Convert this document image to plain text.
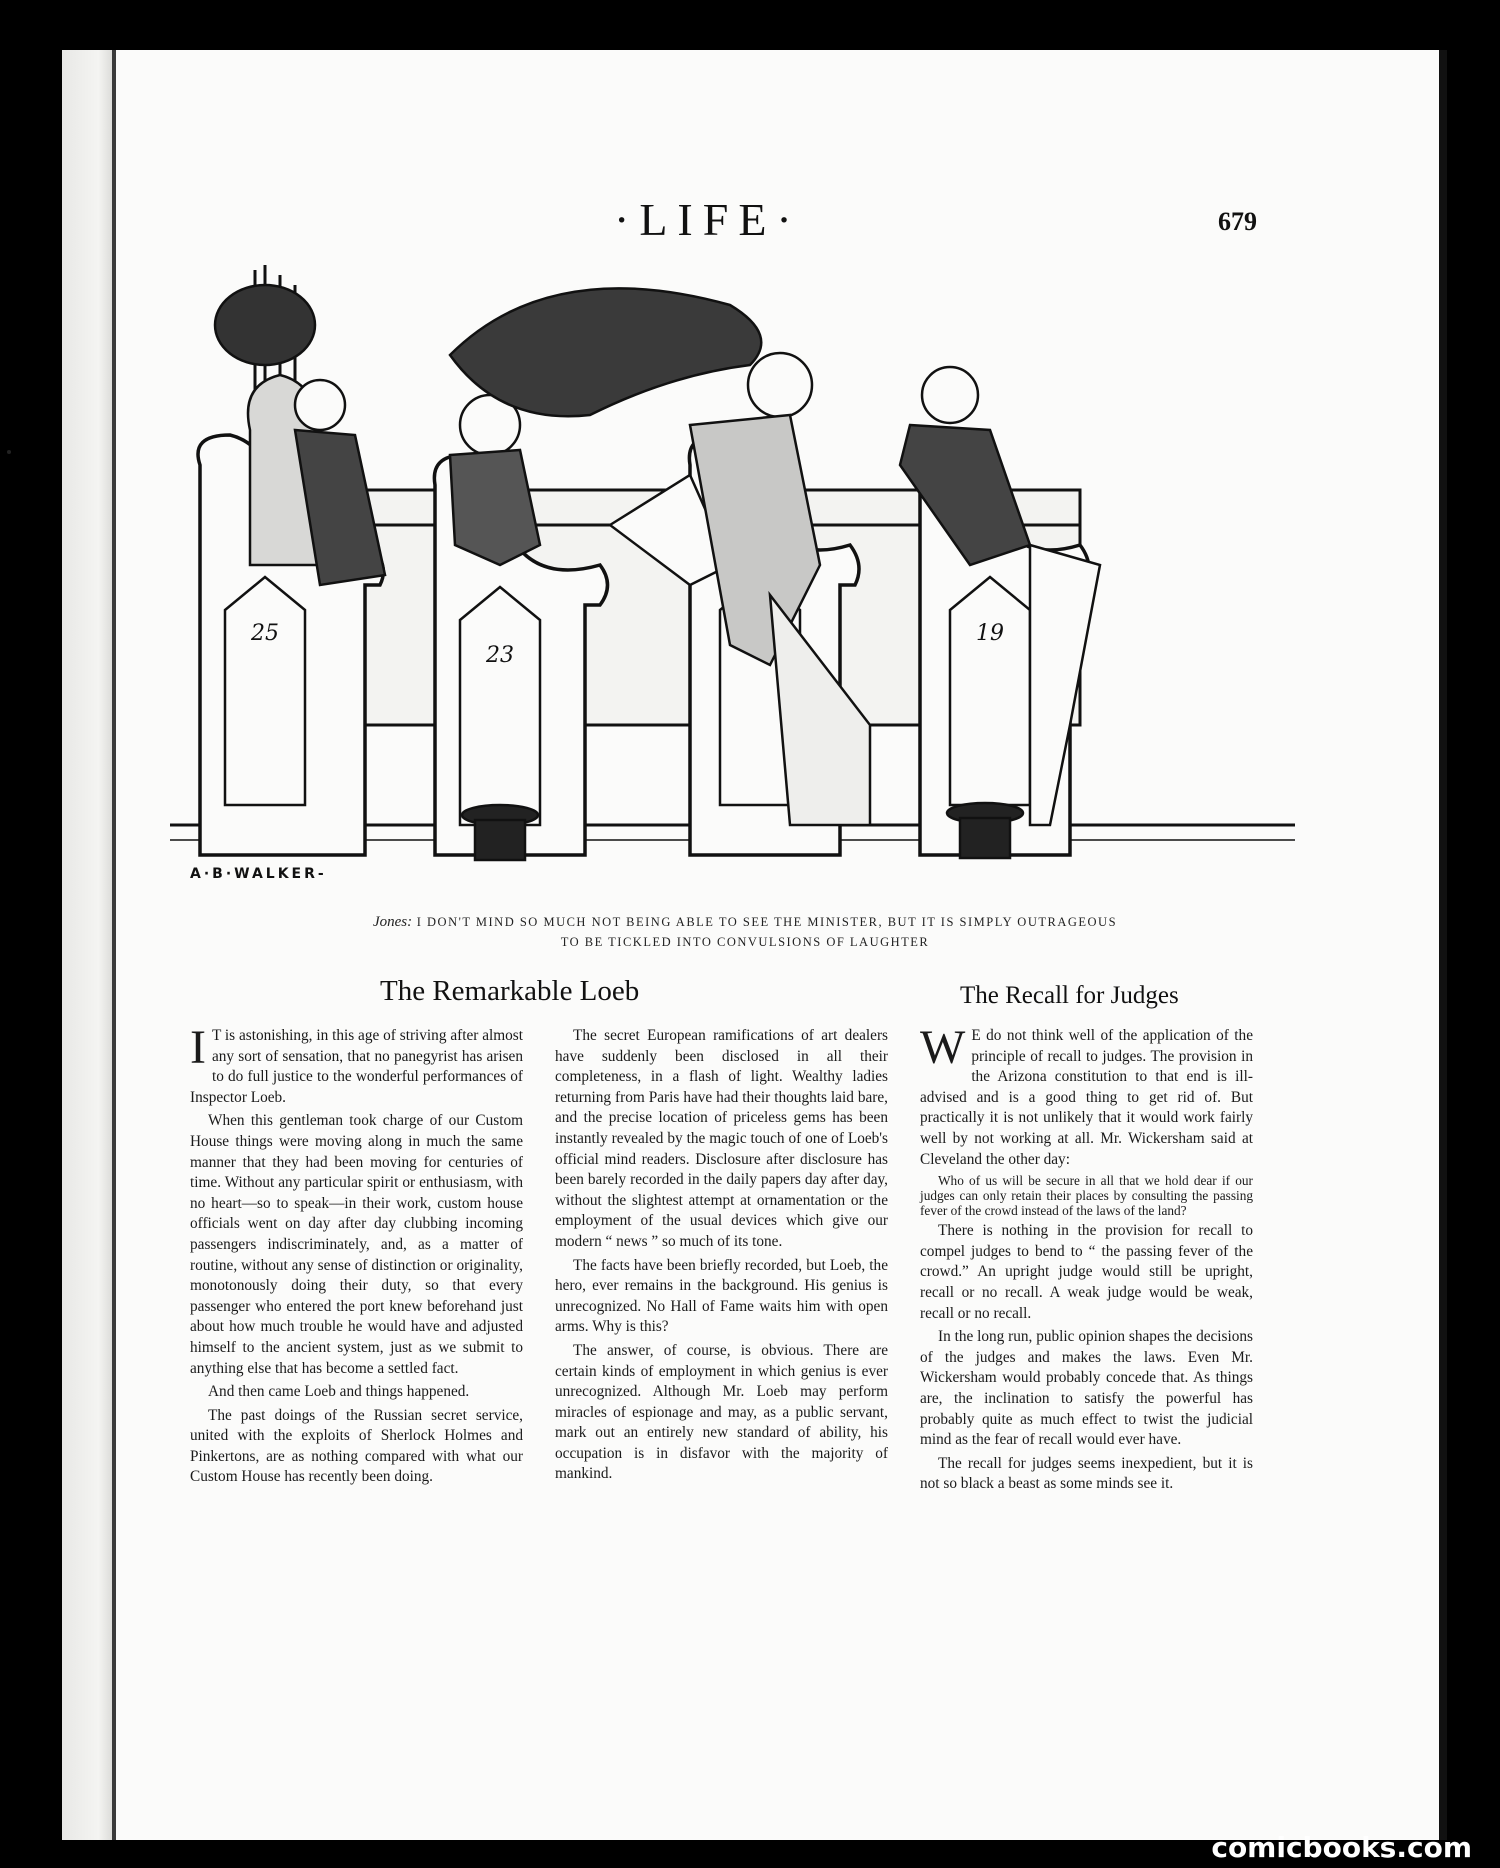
·LIFE·	679
25
23
19
A·B·WALKER-
Jones: I DON'T MIND SO MUCH NOT BEING ABLE TO SEE THE MINISTER, BUT IT IS SIMPLY OUTRAGEOUS
TO BE TICKLED INTO CONVULSIONS OF LAUGHTER
The Remarkable Loeb	The Recall for Judges

I T is astonishing, in this age of striving after almost any sort of sensation, that no panegyrist has arisen to do full justice to the wonderful performances of Inspector Loeb.

When this gentleman took charge of our Custom House things were moving along in much the same manner that they had been moving for centuries of time. Without any particular spirit or enthusiasm, with no heart—so to speak—in their work, custom house officials went on day after day clubbing incoming passengers indiscriminately, and, as a matter of routine, without any sense of distinction or originality, monotonously doing their duty, so that every passenger who entered the port knew beforehand just about how much trouble he would have and adjusted himself to the ancient system, just as we submit to anything else that has become a settled fact.

And then came Loeb and things happened.

The past doings of the Russian secret service, united with the exploits of Sherlock Holmes and Pinkertons, are as nothing compared with what our Custom House has recently been doing.

The secret European ramifications of art dealers have suddenly been disclosed in all their completeness, in a flash of light. Wealthy ladies returning from Paris have had their thoughts laid bare, and the precise location of priceless gems has been instantly revealed by the magic touch of one of Loeb's official mind readers. Disclosure after disclosure has been barely recorded in the daily papers day after day, without the slightest attempt at ornamentation or the employment of the usual devices which give our modern “ news ” so much of its tone.

The facts have been briefly recorded, but Loeb, the hero, ever remains in the background. His genius is unrecognized. No Hall of Fame waits him with open arms. Why is this?

The answer, of course, is obvious. There are certain kinds of employment in which genius is ever unrecognized. Although Mr. Loeb may perform miracles of espionage and may, as a public servant, mark out an entirely new standard of ability, his occupation is in disfavor with the majority of mankind.

W E do not think well of the application of the principle of recall to judges. The provision in the Arizona constitution to that end is ill-advised and is a good thing to get rid of. But practically it is not unlikely that it would work fairly well by not working at all. Mr. Wickersham said at Cleveland the other day:

Who of us will be secure in all that we hold dear if our judges can only retain their places by consulting the passing fever of the crowd instead of the laws of the land?

There is nothing in the provision for recall to compel judges to bend to “ the passing fever of the crowd.” An upright judge would still be upright, recall or no recall. A weak judge would be weak, recall or no recall.

In the long run, public opinion shapes the decisions of the judges and makes the laws. Even Mr. Wickersham would probably concede that. As things are, the inclination to satisfy the powerful has probably quite as much effect to twist the judicial mind as the fear of recall would ever have.

The recall for judges seems inexpedient, but it is not so black a beast as some minds see it.

comicbooks.com
